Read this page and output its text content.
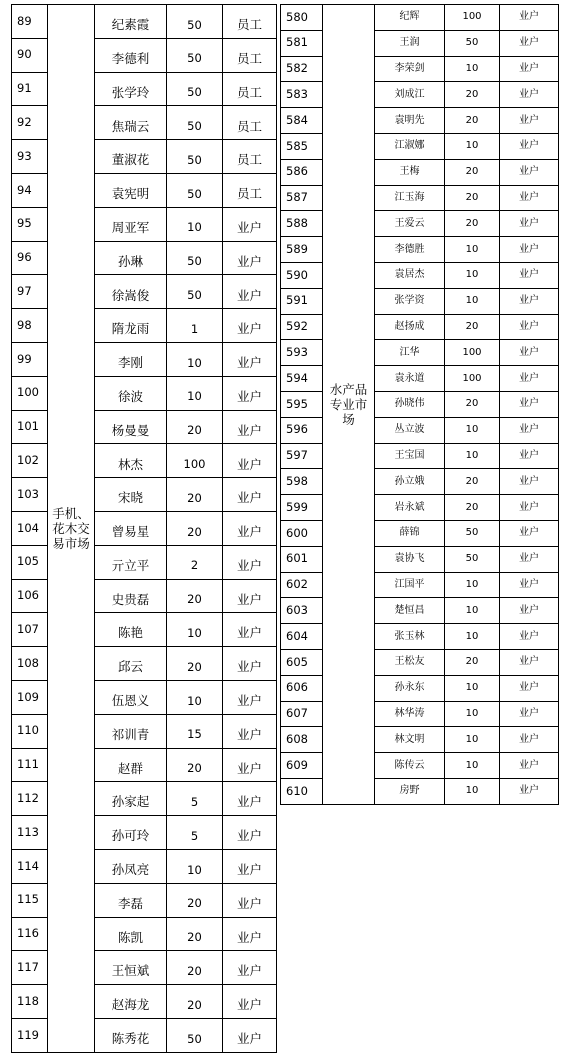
89	手机、花木交易市场	纪素霞	50	员工
90		李德利	50	员工
91		张学玲	50	员工
92		焦瑞云	50	员工
93		董淑花	50	员工
94		袁宪明	50	员工
95		周亚军	10	业户
96		孙琳	50	业户
97		徐嵩俊	50	业户
98		隋龙雨	1	业户
99		李刚	10	业户
100		徐波	10	业户
101		杨曼曼	20	业户
102		林杰	100	业户
103		宋晓	20	业户
104		曾易星	20	业户
105		亓立平	2	业户
106		史贵磊	20	业户
107		陈艳	10	业户
108		邱云	20	业户
109		伍恩义	10	业户
110		祁训青	15	业户
111		赵群	20	业户
112		孙家起	5	业户
113		孙可玲	5	业户
114		孙凤亮	10	业户
115		李磊	20	业户
116		陈凯	20	业户
117		王恒斌	20	业户
118		赵海龙	20	业户
119		陈秀花	50	业户
580	水产品专业市场	纪辉	100	业户
581		王润	50	业户
582		李荣剑	10	业户
583		刘成江	20	业户
584		袁明先	20	业户
585		江淑娜	10	业户
586		王梅	20	业户
587		江玉海	20	业户
588		王爱云	20	业户
589		李德胜	10	业户
590		袁居杰	10	业户
591		张学资	10	业户
592		赵扬成	20	业户
593		江华	100	业户
594		袁永道	100	业户
595		孙晓伟	20	业户
596		丛立波	10	业户
597		王宝国	10	业户
598		孙立娥	20	业户
599		岩永斌	20	业户
600		薛锦	50	业户
601		袁协飞	50	业户
602		江国平	10	业户
603		楚恒昌	10	业户
604		张玉林	10	业户
605		王松友	20	业户
606		孙永东	10	业户
607		林华涛	10	业户
608		林文明	10	业户
609		陈传云	10	业户
610		房野	10	业户
